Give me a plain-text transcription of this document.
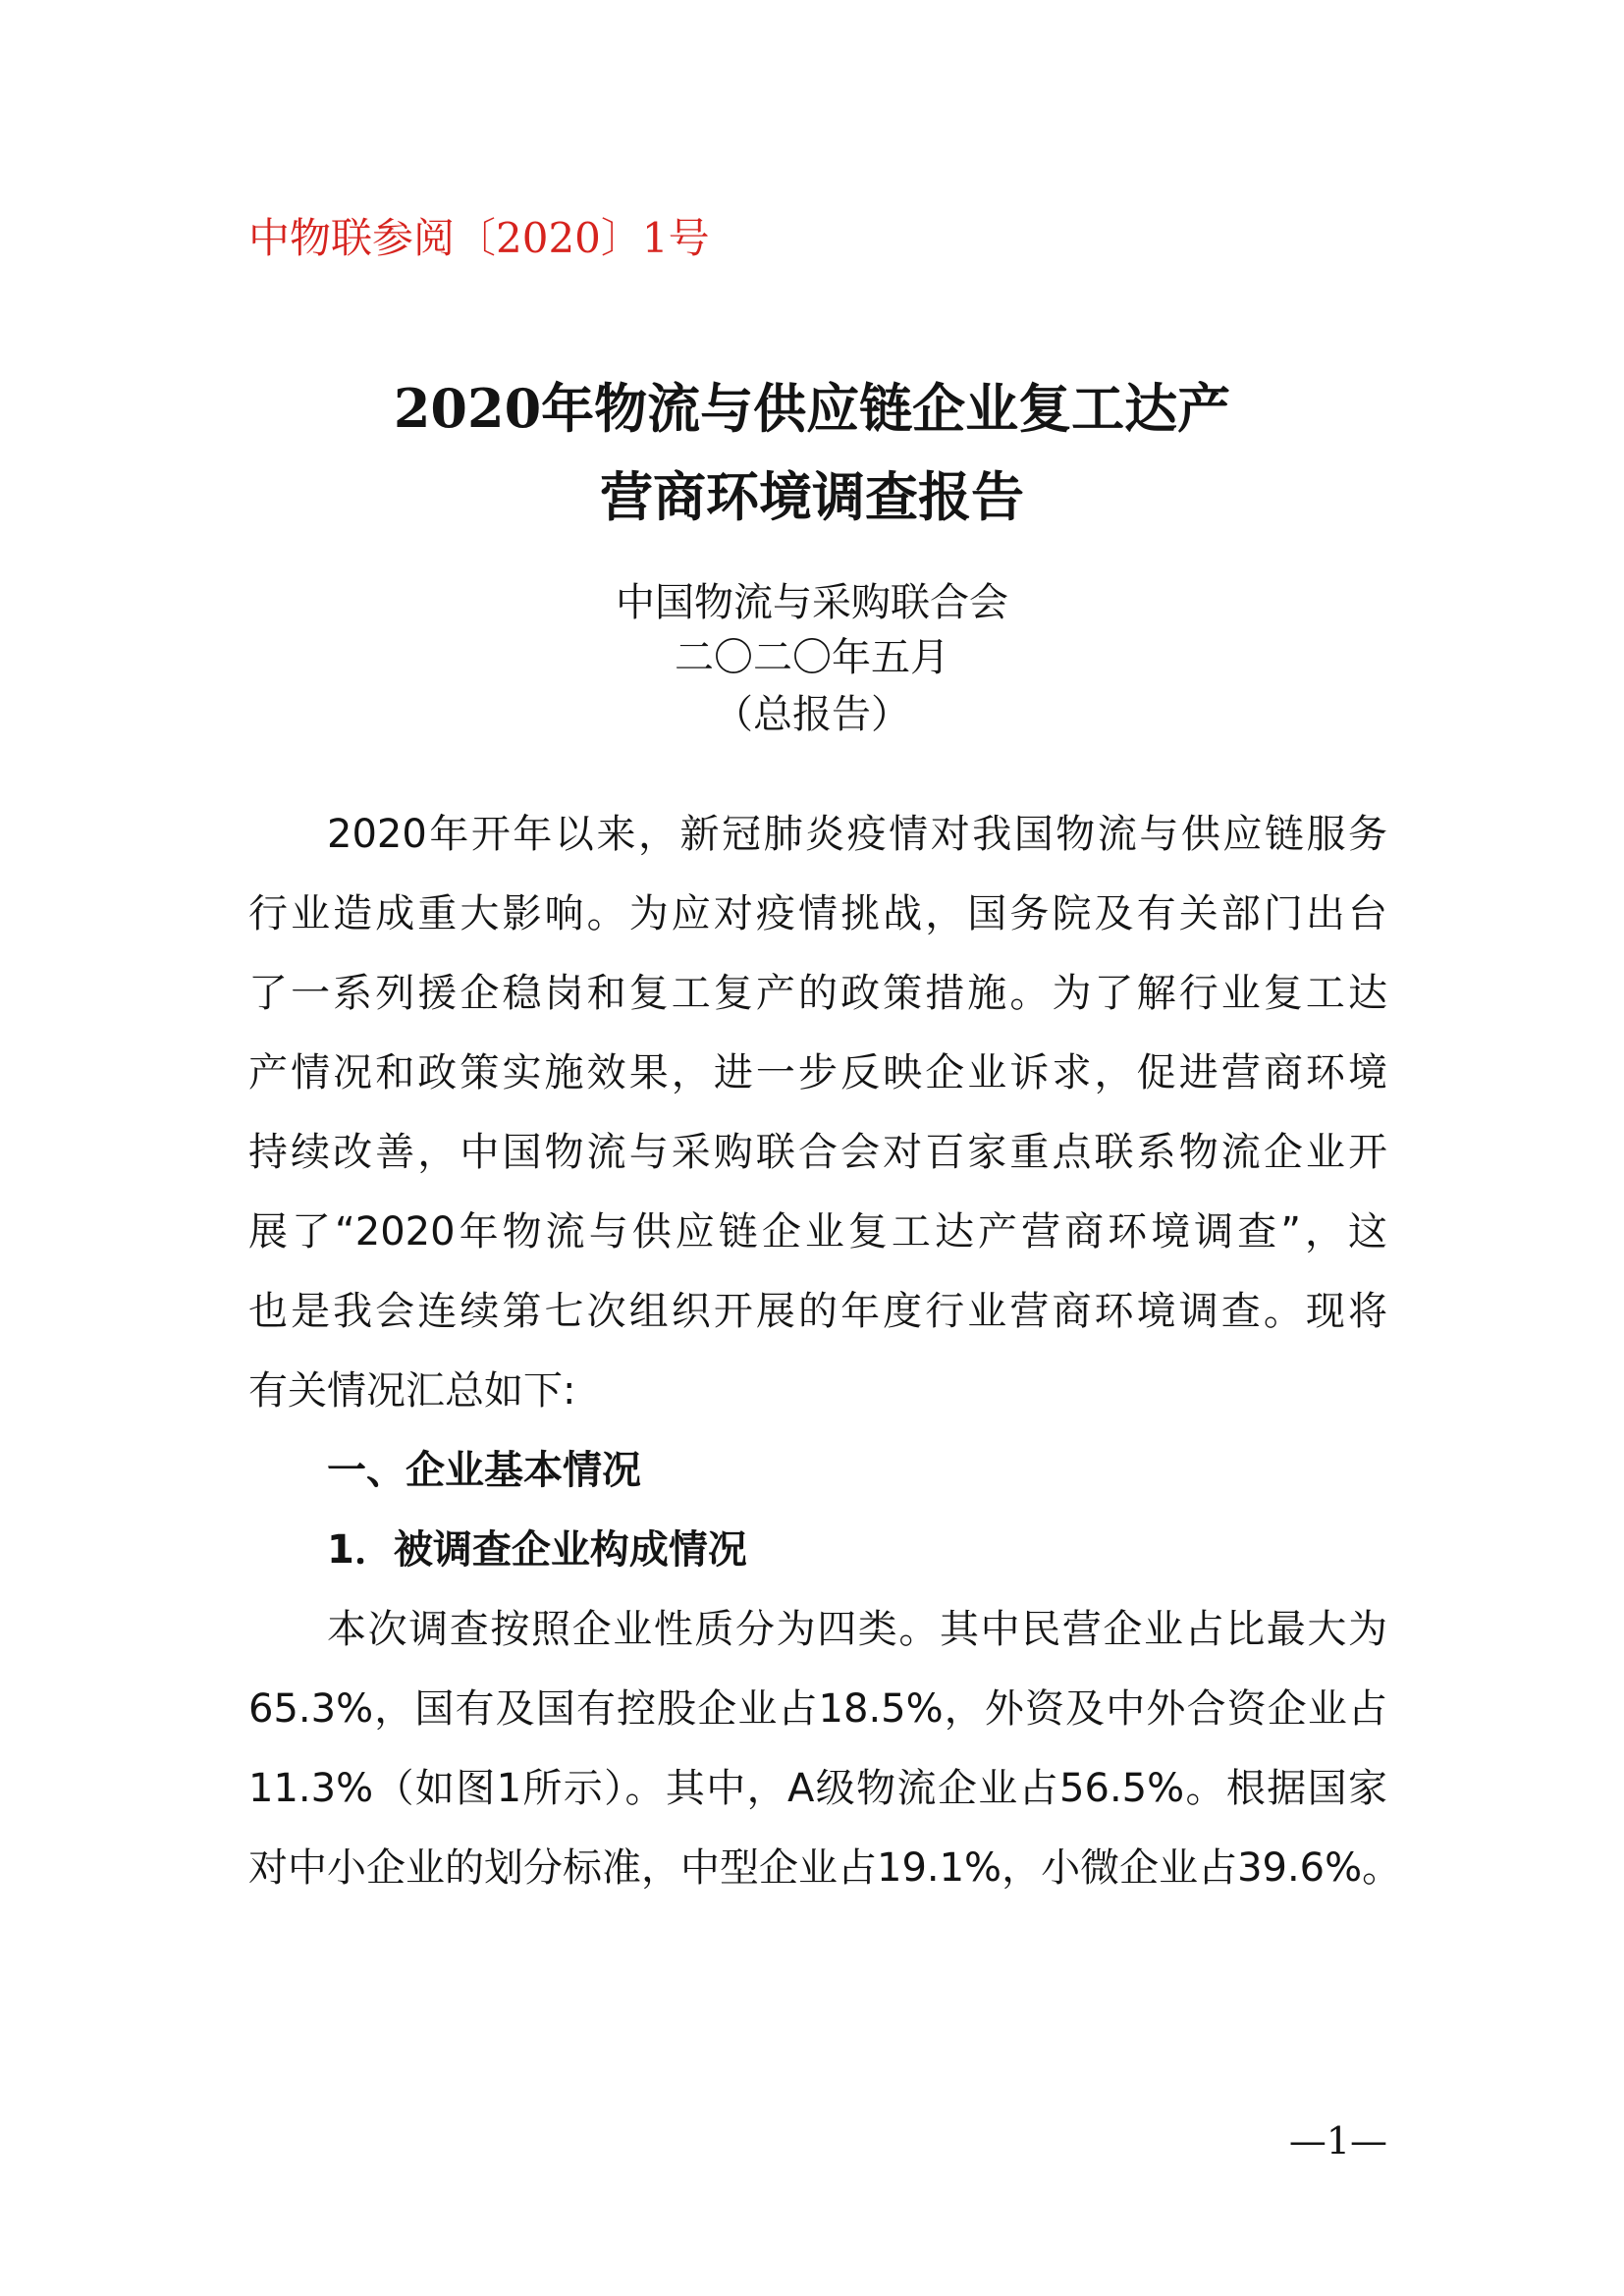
中物联参阅〔2020〕1号
2020年物流与供应链企业复工达产
营商环境调查报告
中国物流与采购联合会
二〇二〇年五月
（总报告）
2020年开年以来，新冠肺炎疫情对我国物流与供应链服务
行业造成重大影响。为应对疫情挑战，国务院及有关部门出台
了一系列援企稳岗和复工复产的政策措施。为了解行业复工达
产情况和政策实施效果，进一步反映企业诉求，促进营商环境
持续改善，中国物流与采购联合会对百家重点联系物流企业开
展了“2020年物流与供应链企业复工达产营商环境调查”，这
也是我会连续第七次组织开展的年度行业营商环境调查。现将
有关情况汇总如下:
一、企业基本情况
1．被调查企业构成情况
本次调查按照企业性质分为四类。其中民营企业占比最大为
65.3%，国有及国有控股企业占18.5%，外资及中外合资企业占
11.3%（如图1所示）。其中，A级物流企业占56.5%。根据国家
对中小企业的划分标准，中型企业占19.1%，小微企业占39.6%。
—1—
